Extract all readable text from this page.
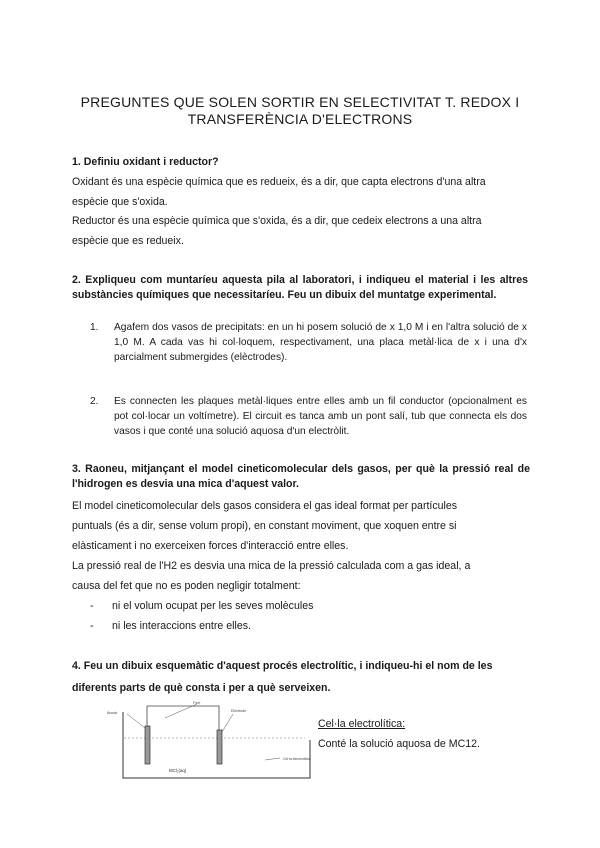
PREGUNTES QUE SOLEN SORTIR EN SELECTIVITAT T. REDOX I
TRANSFERÈNCIA D'ELECTRONS
1. Definiu oxidant i reductor?
Oxidant és una espècie química que es redueix, és a dir, que capta electrons d'una altra espècie que s'oxida.
Reductor és una espècie química que s'oxida, és a dir, que cedeix electrons a una altra espècie que es redueix.
2. Expliqueu com muntaríeu aquesta pila al laboratori, i indiqueu el material i les altres substàncies químiques que necessitaríeu. Feu un dibuix del muntatge experimental.
1. Agafem dos vasos de precipitats: en un hi posem solució de x 1,0 M i en l'altra solució de x 1,0 M. A cada vas hi col·loquem, respectivament, una placa metàl·lica de x i una d'x parcialment submergides (elèctrodes).
2. Es connecten les plaques metàl·liques entre elles amb un fil conductor (opcionalment es pot col·locar un voltímetre). El circuit es tanca amb un pont salí, tub que connecta els dos vasos i que conté una solució aquosa d'un electròlit.
3. Raoneu, mitjançant el model cineticomolecular dels gasos, per què la pressió real de l'hidrogen es desvia una mica d'aquest valor.
El model cineticomolecular dels gasos considera el gas ideal format per partícules puntuals (és a dir, sense volum propi), en constant moviment, que xoquen entre si elàsticament i no exerceixen forces d'interacció entre elles.
La pressió real de l'H2 es desvia una mica de la pressió calculada com a gas ideal, a causa del fet que no es poden negligir totalment:
- ni el volum ocupat per les seves molècules
- ni les interaccions entre elles.
4. Feu un dibuix esquemàtic d'aquest procés electrolític, i indiqueu-hi el nom de les diferents parts de què consta i per a què serveixen.
Ànode
Font
Elèctrode
MCl₂(aq)
Cel·la electrolítica
Cel·la electrolítica:
Conté la solució aquosa de MC12.
